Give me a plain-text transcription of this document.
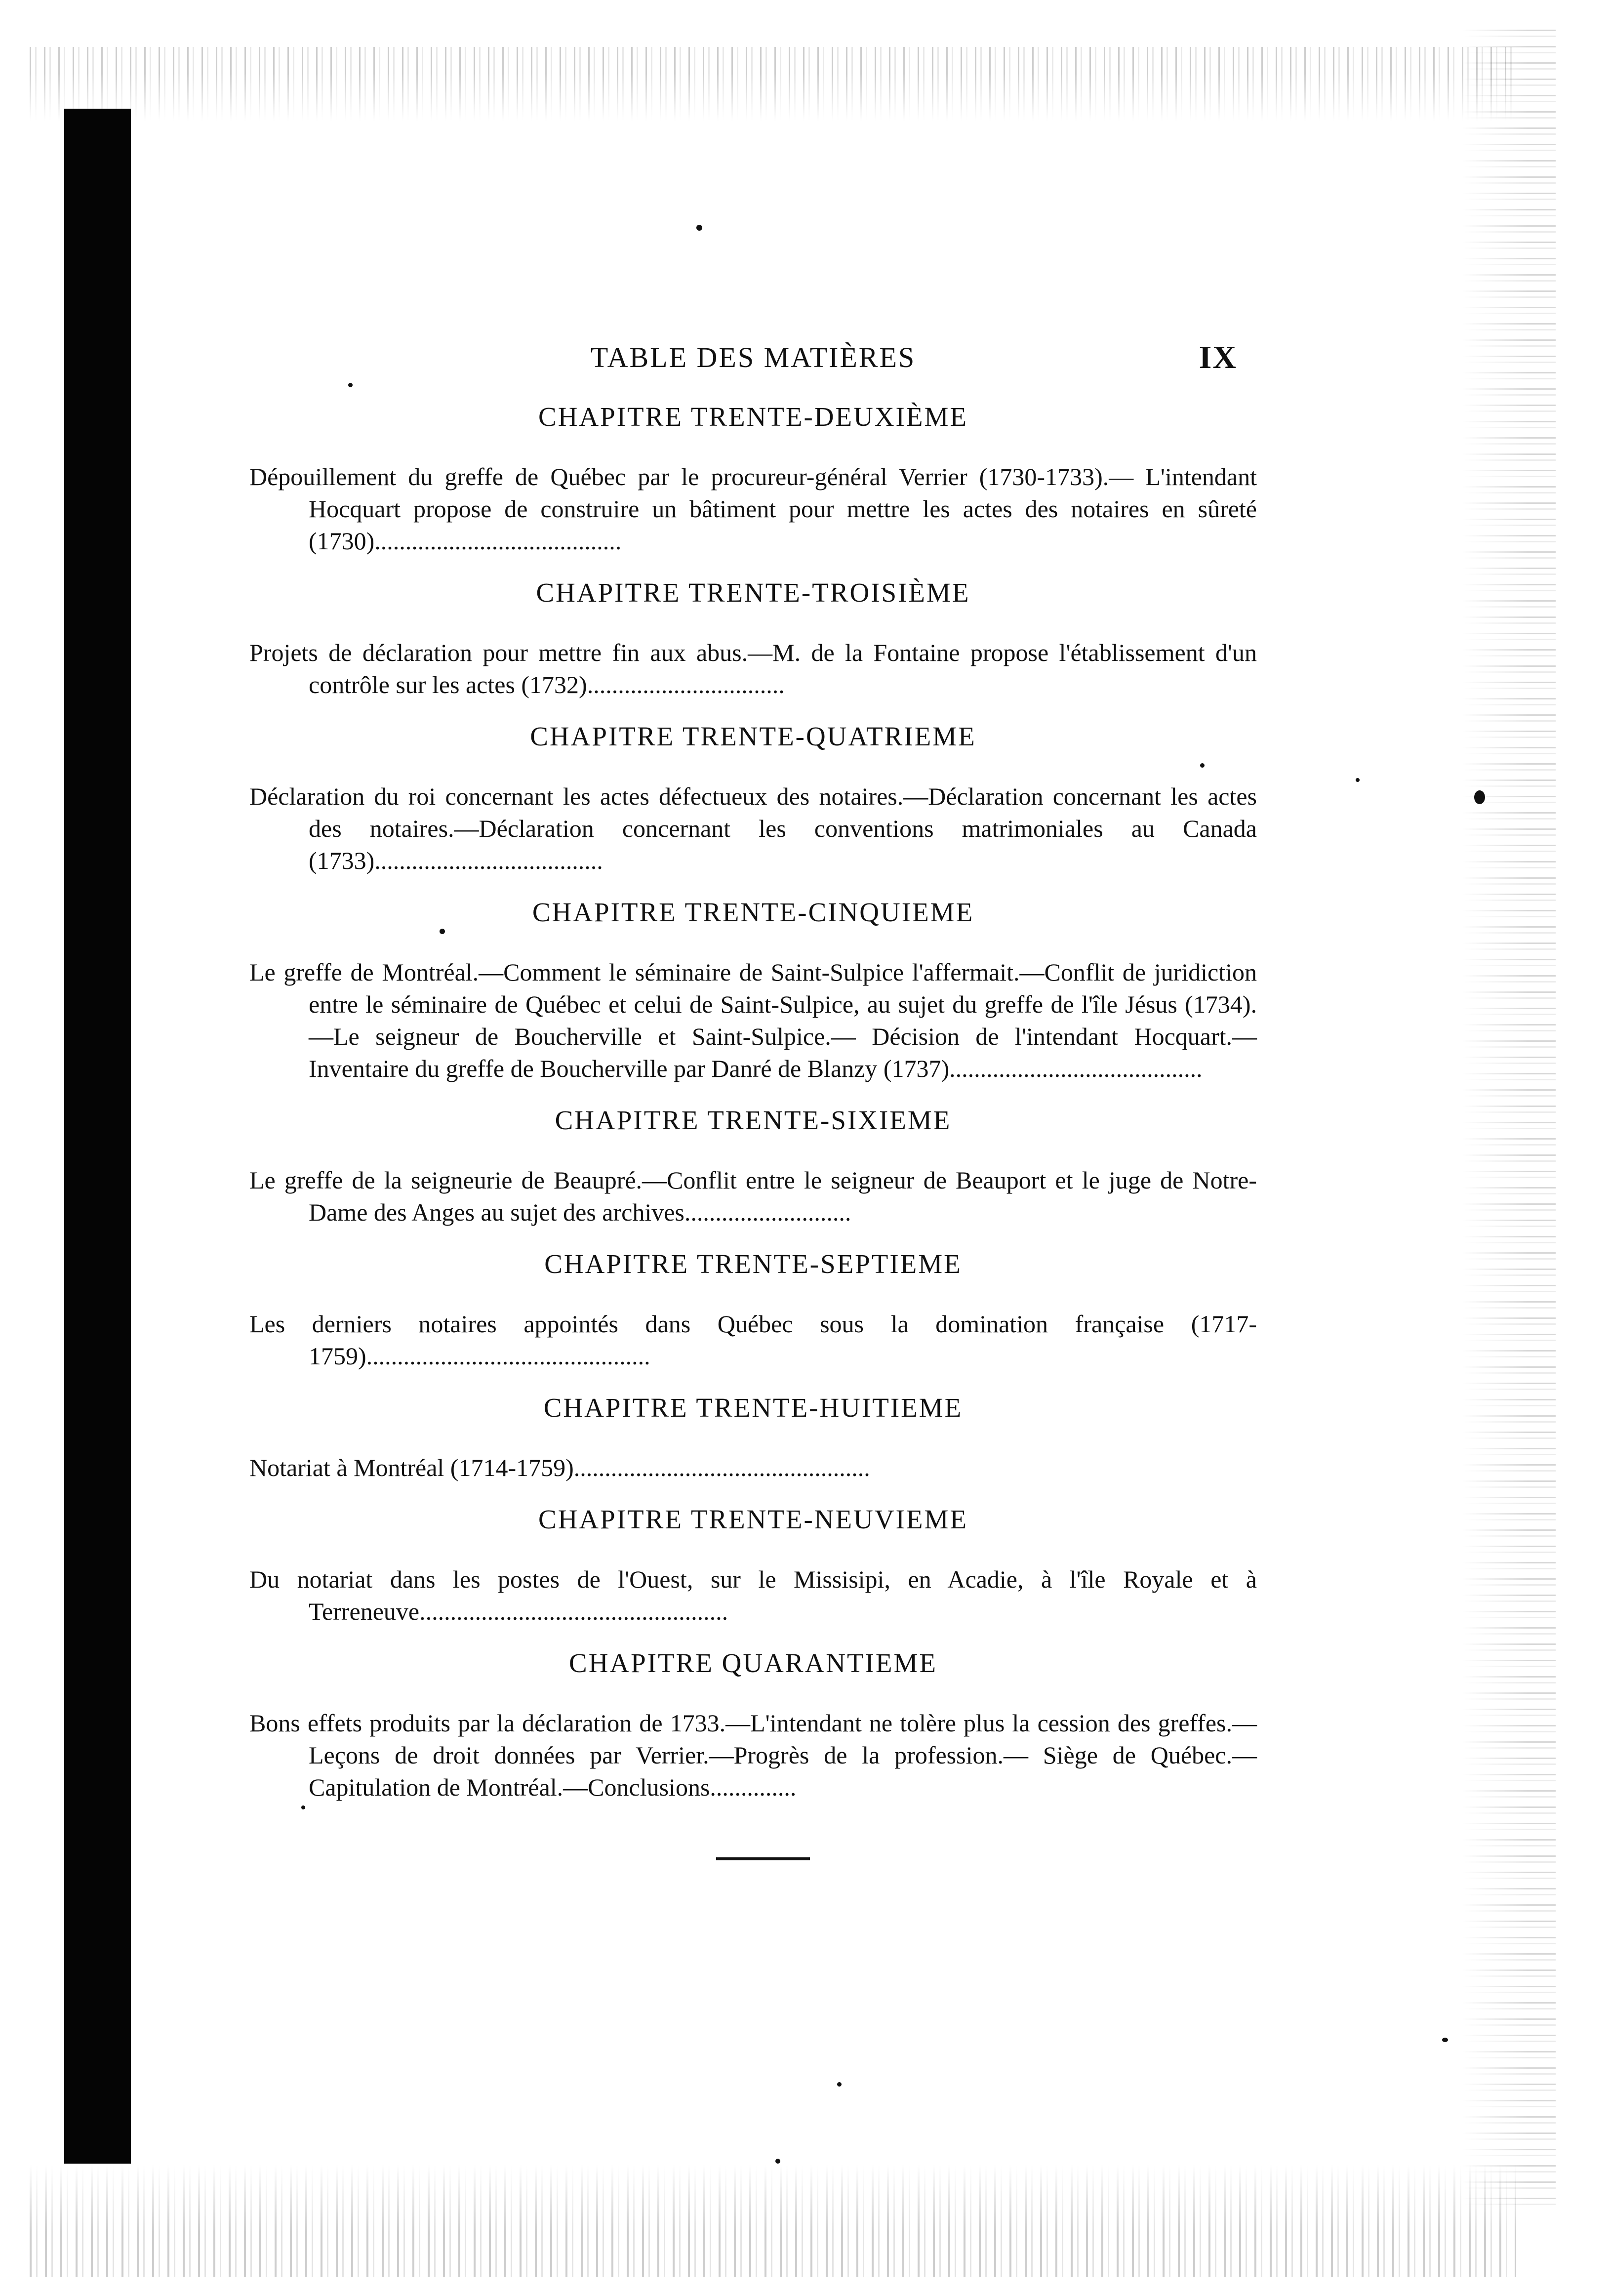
TABLE DES MATIÈRES	IX
CHAPITRE TRENTE-DEUXIÈME

Dépouillement du greffe de Québec par le procureur-général Verrier (1730-1733).— L'intendant Hocquart propose de construire un bâtiment pour mettre les actes des notaires en sûreté (1730)........................................

CHAPITRE TRENTE-TROISIÈME

Projets de déclaration pour mettre fin aux abus.—M. de la Fontaine propose l'établissement d'un contrôle sur les actes (1732)................................

CHAPITRE TRENTE-QUATRIEME

Déclaration du roi concernant les actes défectueux des notaires.—Déclaration concernant les actes des notaires.—Déclaration concernant les conventions matrimoniales au Canada (1733).....................................

CHAPITRE TRENTE-CINQUIEME

Le greffe de Montréal.—Comment le séminaire de Saint-Sulpice l'affermait.—Conflit de juridiction entre le séminaire de Québec et celui de Saint-Sulpice, au sujet du greffe de l'île Jésus (1734).—Le seigneur de Boucherville et Saint-Sulpice.— Décision de l'intendant Hocquart.—Inventaire du greffe de Boucherville par Danré de Blanzy (1737).........................................

CHAPITRE TRENTE-SIXIEME

Le greffe de la seigneurie de Beaupré.—Conflit entre le seigneur de Beauport et le juge de Notre-Dame des Anges au sujet des archives...........................

CHAPITRE TRENTE-SEPTIEME

Les derniers notaires appointés dans Québec sous la domination française (1717-1759)..............................................

CHAPITRE TRENTE-HUITIEME

Notariat à Montréal (1714-1759)................................................

CHAPITRE TRENTE-NEUVIEME

Du notariat dans les postes de l'Ouest, sur le Missisipi, en Acadie, à l'île Royale et à Terreneuve..................................................

CHAPITRE QUARANTIEME

Bons effets produits par la déclaration de 1733.—L'intendant ne tolère plus la cession des greffes.—Leçons de droit données par Verrier.—Progrès de la profession.— Siège de Québec.—Capitulation de Montréal.—Conclusions..............
